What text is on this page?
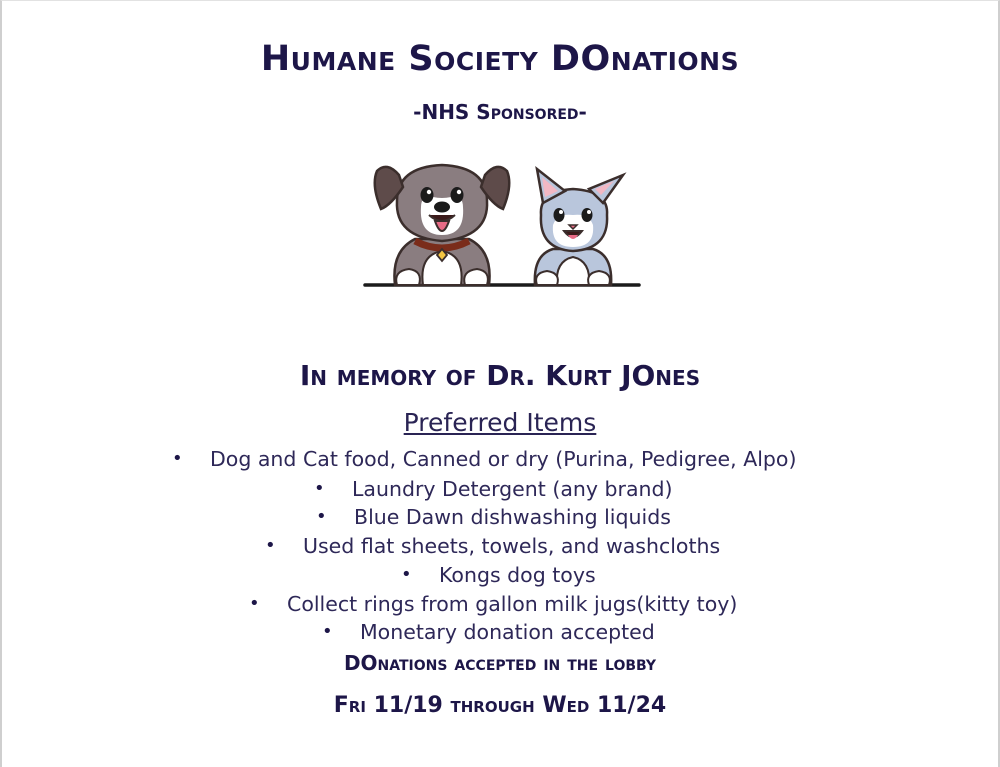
Humane Society DOnations
-NHS Sponsored-
In memory of Dr. Kurt JOnes
Preferred Items
• Dog and Cat food, Canned or dry (Purina, Pedigree, Alpo)
• Laundry Detergent (any brand)
• Blue Dawn dishwashing liquids
• Used flat sheets, towels, and washcloths
• Kongs dog toys
• Collect rings from gallon milk jugs(kitty toy)
• Monetary donation accepted
DOnations accepted in the lobby
Fri 11/19 through Wed 11/24
